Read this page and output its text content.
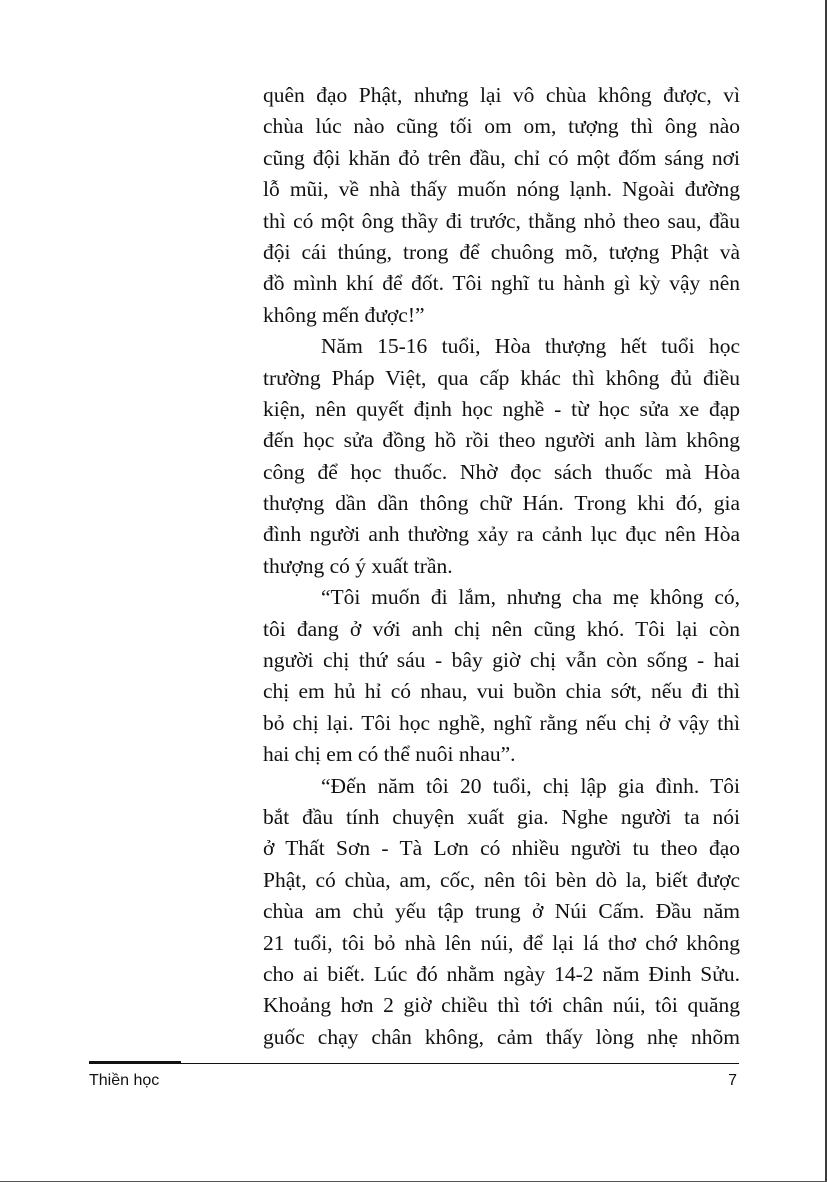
quên đạo Phật, nhưng lại vô chùa không được, vì
chùa lúc nào cũng tối om om, tượng thì ông nào
cũng đội khăn đỏ trên đầu, chỉ có một đốm sáng nơi
lỗ mũi, về nhà thấy muốn nóng lạnh. Ngoài đường
thì có một ông thầy đi trước, thằng nhỏ theo sau, đầu
đội cái thúng, trong để chuông mõ, tượng Phật và
đồ mình khí để đốt. Tôi nghĩ tu hành gì kỳ vậy nên
không mến được!”
Năm 15-16 tuổi, Hòa thượng hết tuổi học
trường Pháp Việt, qua cấp khác thì không đủ điều
kiện, nên quyết định học nghề - từ học sửa xe đạp
đến học sửa đồng hồ rồi theo người anh làm không
công để học thuốc. Nhờ đọc sách thuốc mà Hòa
thượng dần dần thông chữ Hán. Trong khi đó, gia
đình người anh thường xảy ra cảnh lục đục nên Hòa
thượng có ý xuất trần.
“Tôi muốn đi lắm, nhưng cha mẹ không có,
tôi đang ở với anh chị nên cũng khó. Tôi lại còn
người chị thứ sáu - bây giờ chị vẫn còn sống - hai
chị em hủ hỉ có nhau, vui buồn chia sớt, nếu đi thì
bỏ chị lại. Tôi học nghề, nghĩ rằng nếu chị ở vậy thì
hai chị em có thể nuôi nhau”.
“Đến năm tôi 20 tuổi, chị lập gia đình. Tôi
bắt đầu tính chuyện xuất gia. Nghe người ta nói
ở Thất Sơn - Tà Lơn có nhiều người tu theo đạo
Phật, có chùa, am, cốc, nên tôi bèn dò la, biết được
chùa am chủ yếu tập trung ở Núi Cấm. Đầu năm
21 tuổi, tôi bỏ nhà lên núi, để lại lá thơ chớ không
cho ai biết. Lúc đó nhằm ngày 14-2 năm Đinh Sửu.
Khoảng hơn 2 giờ chiều thì tới chân núi, tôi quăng
guốc chạy chân không, cảm thấy lòng nhẹ nhõm
Thiền học	7
